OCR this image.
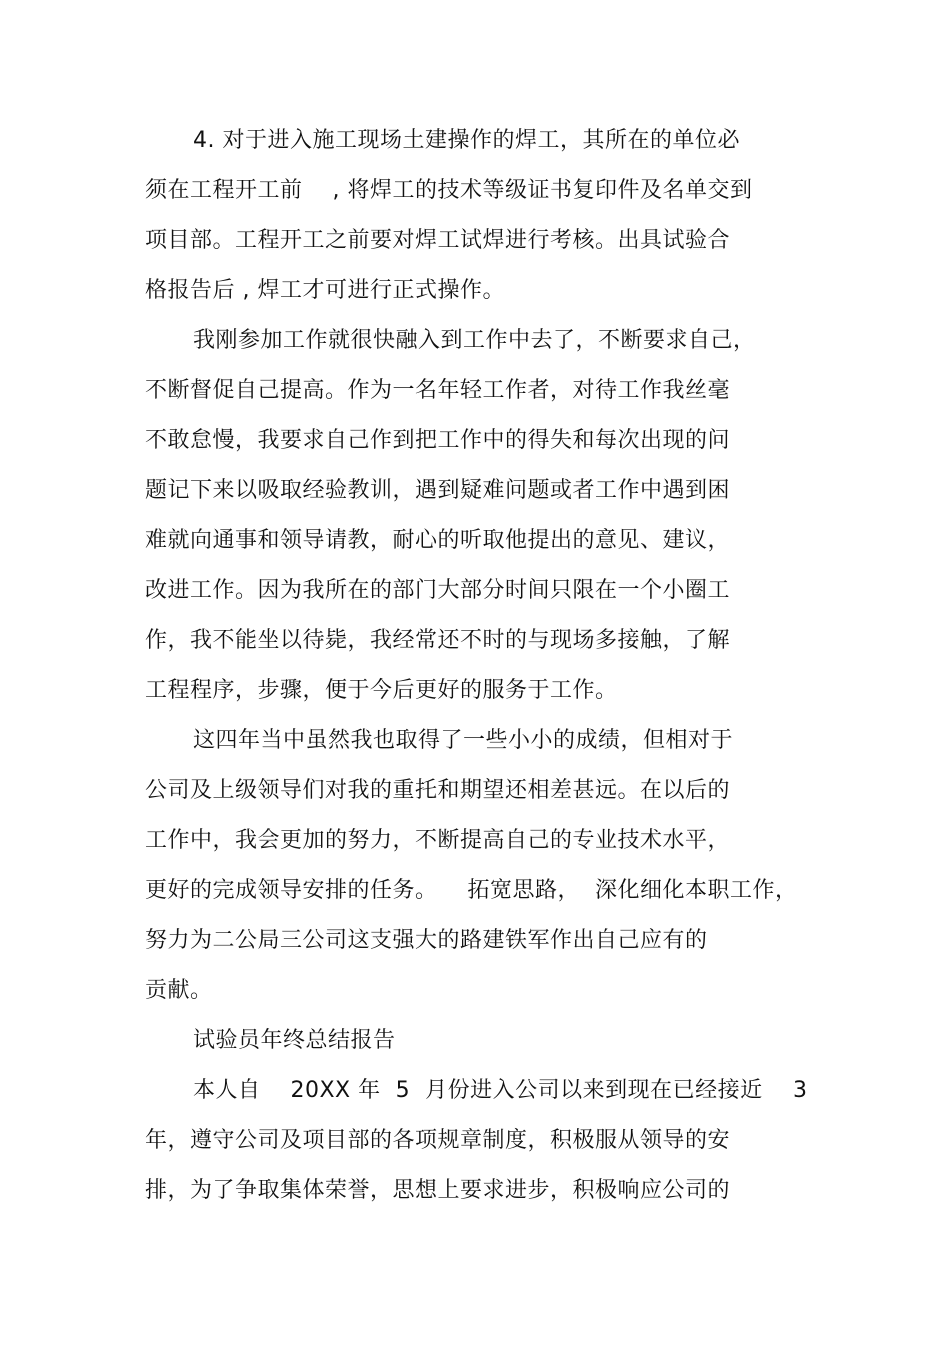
4. 对于进入施工现场土建操作的焊工，其所在的单位必
须在工程开工前    , 将焊工的技术等级证书复印件及名单交到
项目部。工程开工之前要对焊工试焊进行考核。出具试验合
格报告后 , 焊工才可进行正式操作。
我刚参加工作就很快融入到工作中去了，不断要求自己，
不断督促自己提高。作为一名年轻工作者，对待工作我丝毫
不敢怠慢，我要求自己作到把工作中的得失和每次出现的问
题记下来以吸取经验教训，遇到疑难问题或者工作中遇到困
难就向通事和领导请教，耐心的听取他提出的意见、建议，
改进工作。因为我所在的部门大部分时间只限在一个小圈工
作，我不能坐以待毙，我经常还不时的与现场多接触，了解
工程程序，步骤，便于今后更好的服务于工作。
这四年当中虽然我也取得了一些小小的成绩，但相对于
公司及上级领导们对我的重托和期望还相差甚远。在以后的
工作中，我会更加的努力，不断提高自己的专业技术水平，
更好的完成领导安排的任务。    拓宽思路，  深化细化本职工作，
努力为二公局三公司这支强大的路建铁军作出自己应有的
贡献。
试验员年终总结报告
本人自    20XX 年  5  月份进入公司以来到现在已经接近 3
年，遵守公司及项目部的各项规章制度，积极服从领导的安
排，为了争取集体荣誉，思想上要求进步，积极响应公司的
